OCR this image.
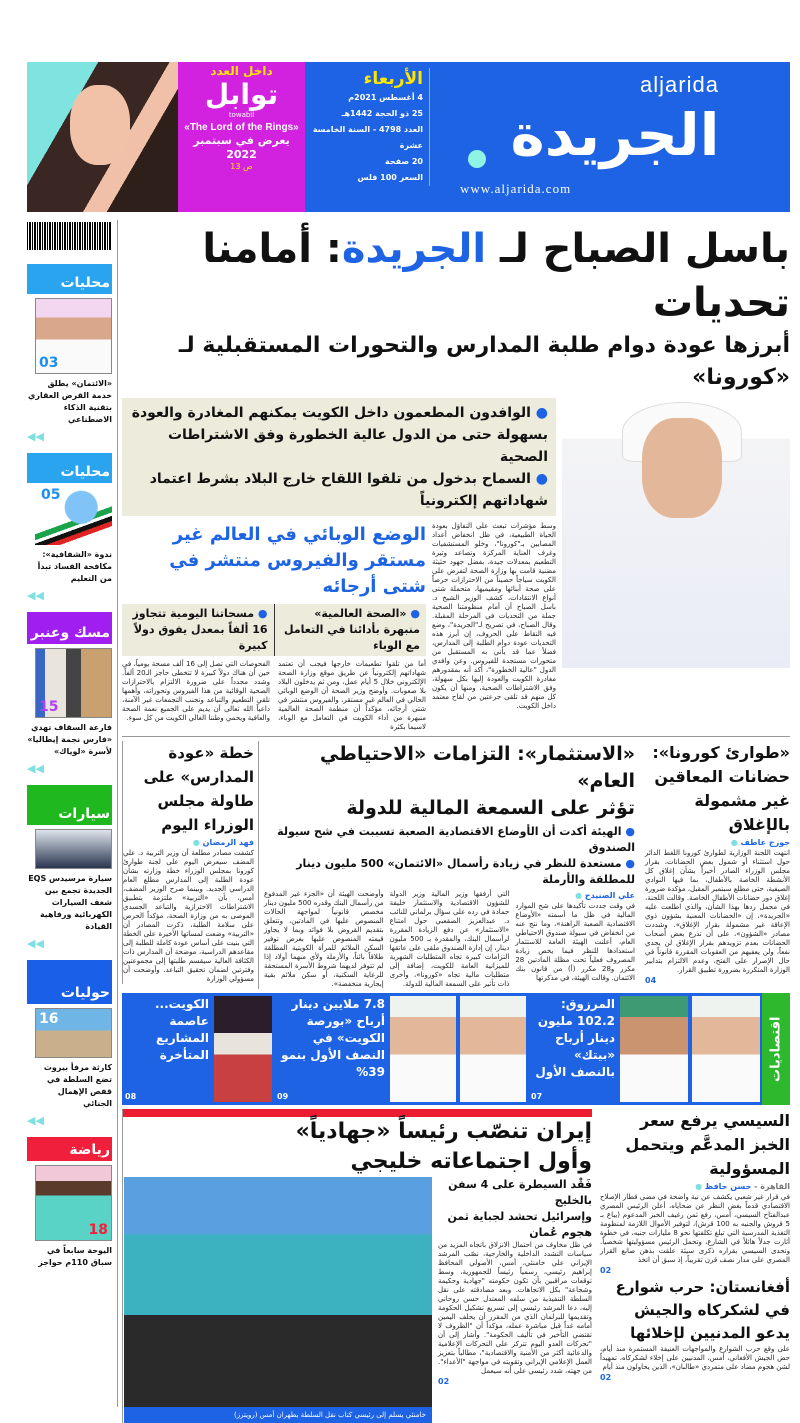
aljarida
الجريدة
www.aljarida.com
الأربعاء
4 أغسطس 2021م
25 ذو الحجة 1442هـ
العدد 4798 - السنة الخامسة عشرة
20 صفحة
السعر 100 فلس
داخل العدد
توابل
towabil
«The Lord of the Rings»
يعرض في سبتمبر 2022
ص 13
محليات
03
«الائتمان» يطلق خدمة القرض العقاري بتقنية الذكاء الاصطناعي
◀◀
محليات
05
ندوة «الشفافية»: مكافحة الفساد تبدأ من التعليم
◀◀
مسك وعنبر
15
فارعة السقاف تهدي «فارس نجمة إيطاليا» لأسرة «لوياك»
◀◀
سيارات
سيارة مرسيدس EQS الجديدة تجمع بين شغف السيارات الكهربائية ورفاهية القيادة
◀◀
حوليات
16
كارثة مرفأ بيروت تضع السلطة في قفص الإهمال الجنائي
◀◀
رياضة
18
اليوحة سابعاً في سباق 110م حواجز
باسل الصباح لـ الجريدة: أمامنا تحديات
أبرزها عودة دوام طلبة المدارس والتحورات المستقبلية لـ «كورونا»
● الوافدون المطعمون داخل الكويت يمكنهم المغادرة والعودة بسهولة حتى من الدول عالية الخطورة وفق الاشتراطات الصحية
● السماح بدخول من تلقوا اللقاح خارج البلاد بشرط اعتماد شهاداتهم إلكترونياً
وسط مؤشرات تبعث على التفاؤل بعودة الحياة الطبيعية، في ظل انخفاض أعداد المصابين بـ"كورونا"، وخلو المستشفيات وغرف العناية المركزة وتصاعد وتيرة التطعيم بمعدلات جيدة، بفضل جهود حثيثة مضنية قامت بها وزارة الصحة لتفرض على الكويت سياجاً حصيناً من الاحترازات حرصاً على صحة أبنائها ومقيميها، متحملة شتى أنواع الانتقادات، كشف الوزير الشيخ د. باسل الصباح أن أمام منظومتنا الصحية جملة من التحديات في المرحلة المقبلة. وقال الصباح، في تصريح لـ"الجريدة"، وضع فيه النقاط على الحروف، إن أبرز هذه التحديات عودة دوام الطلبة إلى المدارس، فضلاً عما قد يأتي به المستقبل من متحورات مستجدة للفيروس. وعن وافدي الدول "عالية الخطورة"، أكد أنه بمقدورهم مغادرة الكويت والعودة إليها بكل سهولة، وفق الاشتراطات الصحية، ومنها أن يكون كل منهم قد تلقى جرعتين من لقاح معتمد داخل الكويت.
الوضع الوبائي في العالم غير مستقر والفيروس منتشر في شتى أرجائه
● «الصحة العالمية» منبهرة بأدائنا في التعامل مع الوباء
● مسحاتنا اليومية تتجاوز 16 ألفاً بمعدل يفوق دولاً كبيرة
أما من تلقوا تطعيمات خارجها فيجب أن تعتمد شهاداتهم إلكترونياً عن طريق موقع وزارة الصحة الإلكتروني خلال 5 أيام عمل، ومن ثم يدخلون البلاد بلا صعوبات. وأوضح وزير الصحة أن الوضع الوبائي الحالي في العالم غير مستقر، والفيروس منتشر في شتى أرجائه، مؤكداً أن منظمة الصحة العالمية منبهرة من أداء الكويت في التعامل مع الوباء، لاسيما بكثرة
الفحوصات التي تصل إلى 16 ألف مسحة يومياً، في حين أن هناك دولاً كبيرة لا تتخطى حاجز الـ20 ألفاً. وشدد مجدداً على ضرورة الالتزام بالاحترازات الصحية الوقائية من هذا الفيروس وتحوراته، وأهمها تلقي التطعيم والتباعد وتجنب التجمعات غير الآمنة، داعياً الله تعالى أن يديم على الجميع نعمة الصحة والعافية ويحمي وطننا الغالي الكويت من كل سوء.
«طوارئ كورونا»: حضانات المعاقين غير مشمولة بالإغلاق
جورج عاطف ●
انتهت اللجنة الوزارية لطوارئ كورونا اللغط الدائر حول استثناء أو شمول بعض الحضانات، بقرار مجلس الوزراء الصادر أخيراً بشأن إغلاق كل الأنشطة الخاصة بالأطفال، بما فيها النوادي الصيفية، حتى مطلع سبتمبر المقبل، مؤكدة ضرورة إغلاق دور حضانات الأطفال الخاصة. وقالت اللجنة، في مجمل ردها بهذا الشأن، والذي اطلعت عليه «الجريدة»، إن «الحضانات المعنية بشؤون ذوي الإعاقة غير مشمولة بقرار الإغلاق». وشددت مصادر «الشؤون»، على أن تذرع بعض أصحاب الحضانات بعدم تزويدهم بقرار الإغلاق لن يجدي نفعاً، ولن يعفيهم من العقوبات المقررة قانوناً في حال الإصرار على الفتح، وعدم الالتزام بتدابير الوزارة المتكررة بضرورة تطبيق القرار.
04
«الاستثمار»: التزامات «الاحتياطي العام»
تؤثر على السمعة المالية للدولة
● الهيئة أكدت أن الأوضاع الاقتصادية الصعبة تسببت في شح سيولة الصندوق
● مستعدة للنظر في زيادة رأسمال «الائتمان» 500 مليون دينار للمطلقة والأرملة
علي الصنيدح ●
في وقت جددت تأكيدها على شح الموارد المالية في ظل ما أسمته «الأوضاع الاقتصادية الصعبة الراهنة»، وما نتج عنه من انخفاض في سيولة صندوق الاحتياطي العام، أعلنت الهيئة العامة للاستثمار استعدادها للنظر فيما يخص زيادة المصروف فعلياً تحت مظلة المادتين 28 مكرر و28 مكرر (أ) من قانون بنك الائتمان. وقالت الهيئة، في مذكرتها
التي أرفقها وزير المالية وزير الدولة للشؤون الاقتصادية والاستثمار خليفة حمادة في رده على سؤال برلماني للنائب د. عبدالعزيز الصقعبي حول امتناع «الاستثمار» عن دفع الزيادة المقررة لرأسمال البنك، والمقدرة بـ 500 مليون دينار، إن إدارة الصندوق ملقى على عاتقها التزامات كبيرة تجاه المتطلبات الشهرية للميزانية العامة للكويت، إضافة إلى متطلبات مالية تجاه «كورونا»، وأخرى ذات تأثير على السمعة المالية للدولة.
وأوضحت الهيئة أن «الجزء غير المدفوع من رأسمال البنك وقدره 500 مليون دينار مخصص قانونياً لمواجهة الحالات المنصوص عليها في المادتين، وتتعلق بتقديم القروض بلا فوائد وبما لا يجاوز قيمته المنصوص عليها بغرض توفير السكن الملائم للمرأة الكويتية المطلقة طلاقاً بائناً، والأرملة ولأي منهما أولاد إذا لم تتوفر لديهما شروط الأسرة المستحقة للرعاية السكنية، أو سكن ملائم بقية إيجارية منخفضة».
خطة «عودة المدارس» على طاولة مجلس الوزراء اليوم
فهد الرمضان ●
كشفت مصادر مطلعة أن وزير التربية د. علي المضف سيعرض اليوم على لجنة طوارئ كورونا بمجلس الوزراء خطة وزارته بشأن عودة الطلبة إلى المدارس مطلع العام الدراسي الجديد. وبينما صرح الوزير المضف، أمس، بأن «التربية» ملتزمة بتطبيق الاشتراطات الاحترازية والتباعد الجسدي الموصى به من وزارة الصحة، مؤكداً الحرص على سلامة الطلبة، ذكرت المصادر أن «التربية» وضعت لمساتها الأخيرة على الخطة التي بنيت على أساس عودة كاملة للطلبة إلى مقاعدهم الدراسية، موضحة أن المدارس ذات الكثافة العالية سيقسم طلبتها إلى مجموعتين وفترتين لضمان تحقيق التباعد. وأوضحت أن مسؤولي الوزارة
اقتصاديات
المرزوق: 102.2 مليون دينار أرباح «بيتك» بالنصف الأول
07
7.8 ملايين دينار أرباح «بورصة الكويت» في النصف الأول بنمو 39%
09
الكويت... عاصمة المشاريع المتأخرة
08
السيسي يرفع سعر الخبز المدعَّم ويتحمل المسؤولية
القاهرة - حسن حافظ ●
في قرار غير شعبي يكشف عن نية واضحة في مضي قطار الإصلاح الاقتصادي قدماً بغض النظر عن ضحاياه، أعلن الرئيس المصري عبدالفتاح السيسي، أمس، رفع ثمن رغيف الخبز المدعوم (يباع بـ 5 قروش والجنيه به 100 قرش)، لتوفير الأموال اللازمة لمنظومة التغذية المدرسية التي تبلغ تكلفتها نحو 8 مليارات جنيه، في خطوة أثارت جدلاً هائلاً في الشارع، وتحمل الرئيس مسؤوليتها شخصياً. وتحدى السيسي بقراره ذكرى سيئة علقت بذهن صانع القرار المصري على مدار نصف قرن تقريباً، إذ سبق أن اتخذ
02
أفغانستان: حرب شوارع في لشكركاه والجيش يدعو المدنيين لإخلائها
على وقع حرب الشوارع والمواجهات العنيفة المستمرة منذ أيام، حض الجيش الأفغاني، أمس، المدنيين على إخلاء لشكركاه، تمهيداً لشن هجوم مضاد على متمردي «طالبان»، الذين يحاولون منذ أيام
02
إيران تنصّب رئيساً «جهادياً»
وأول اجتماعاته خليجي
فَقْد السيطرة على 4 سفن بالخليج
وإسرائيل تحشد لجباية ثمن هجوم عُمان
في ظل مخاوف من احتمال الانزلاق باتجاه المزيد من سياسات التشدد الداخلية والخارجية، نصّب المرشد الإيراني علي خامنئي، أمس، الأصولي المحافظ إبراهيم رئيسي، رسمياً رئيساً للجمهورية، وسط توقعات مراقبين بأن تكون حكومته "جهادية وحكيمة وشجاعة" بكل الاتجاهات. وبعد مصادقته على نقل السلطة التنفيذية من سلفه المعتدل حسن روحاني إليه، دعا المرشد رئيسي إلى تسريع تشكيل الحكومة وتقديمها للبرلمان الذي من المقرر أن يحلف اليمين أمامه غداً قبل مباشرة عمله، مؤكداً أن "الظروف لا تقتضي التأخير في تأليف الحكومة". وأشار إلى أن "تحركات العدو اليوم تتركز على التحركات الإعلامية والدعائية أكثر من الأمنية والاقتصادية"، مطالباً بتعزيز العمل الإعلامي الإيراني وتقويته في مواجهة "الأعداء". من جهته، شدد رئيسي على أنه سيعمل
02
خامنئي يسلم إلى رئيسي كتاب نقل السلطة بطهران أمس (رويترز)
